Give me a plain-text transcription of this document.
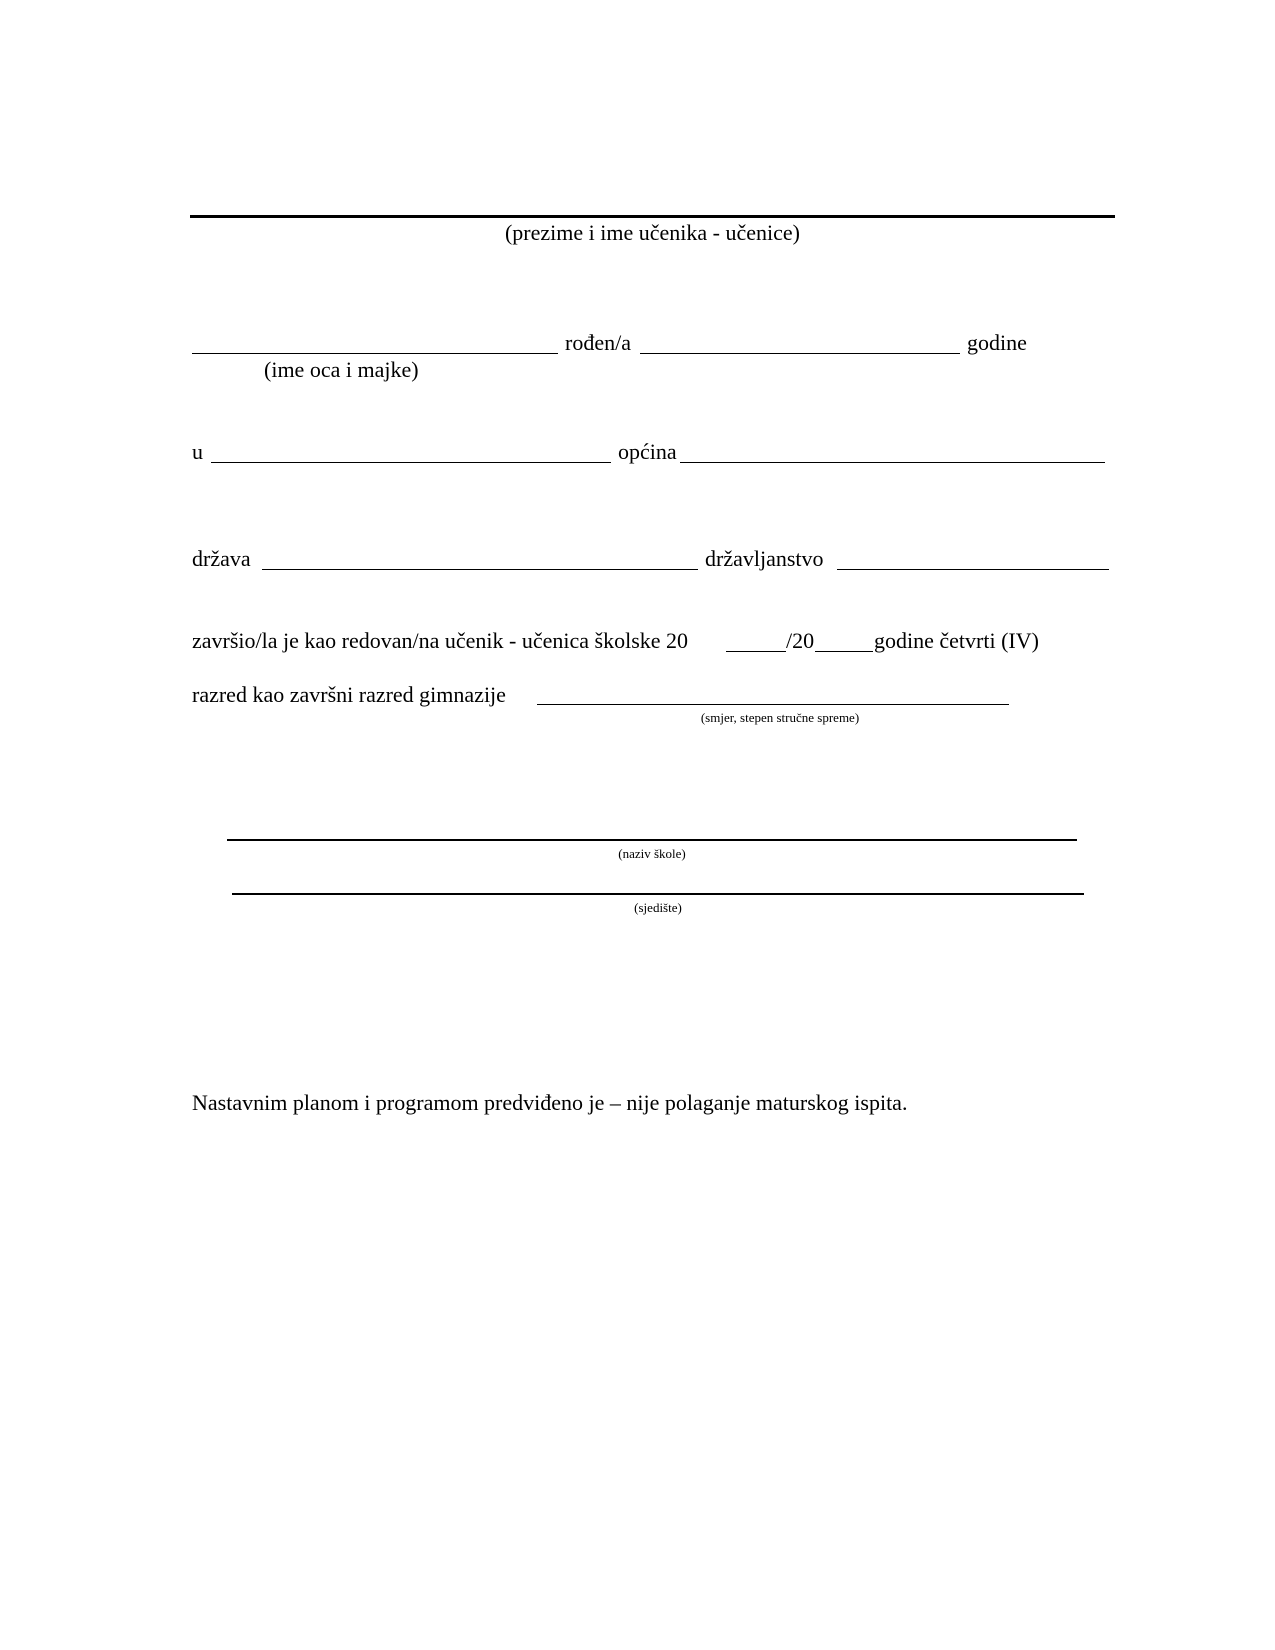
(prezime i ime učenika - učenice)
rođen/a	godine
(ime oca i majke)
u	općina
država	državljanstvo
završio/la je kao redovan/na učenik - učenica školske 20	/20	godine četvrti (IV)
razred kao završni razred gimnazije
(smjer, stepen stručne spreme)
(naziv škole)
(sjedište)
Nastavnim planom i programom predviđeno je – nije polaganje maturskog ispita.
